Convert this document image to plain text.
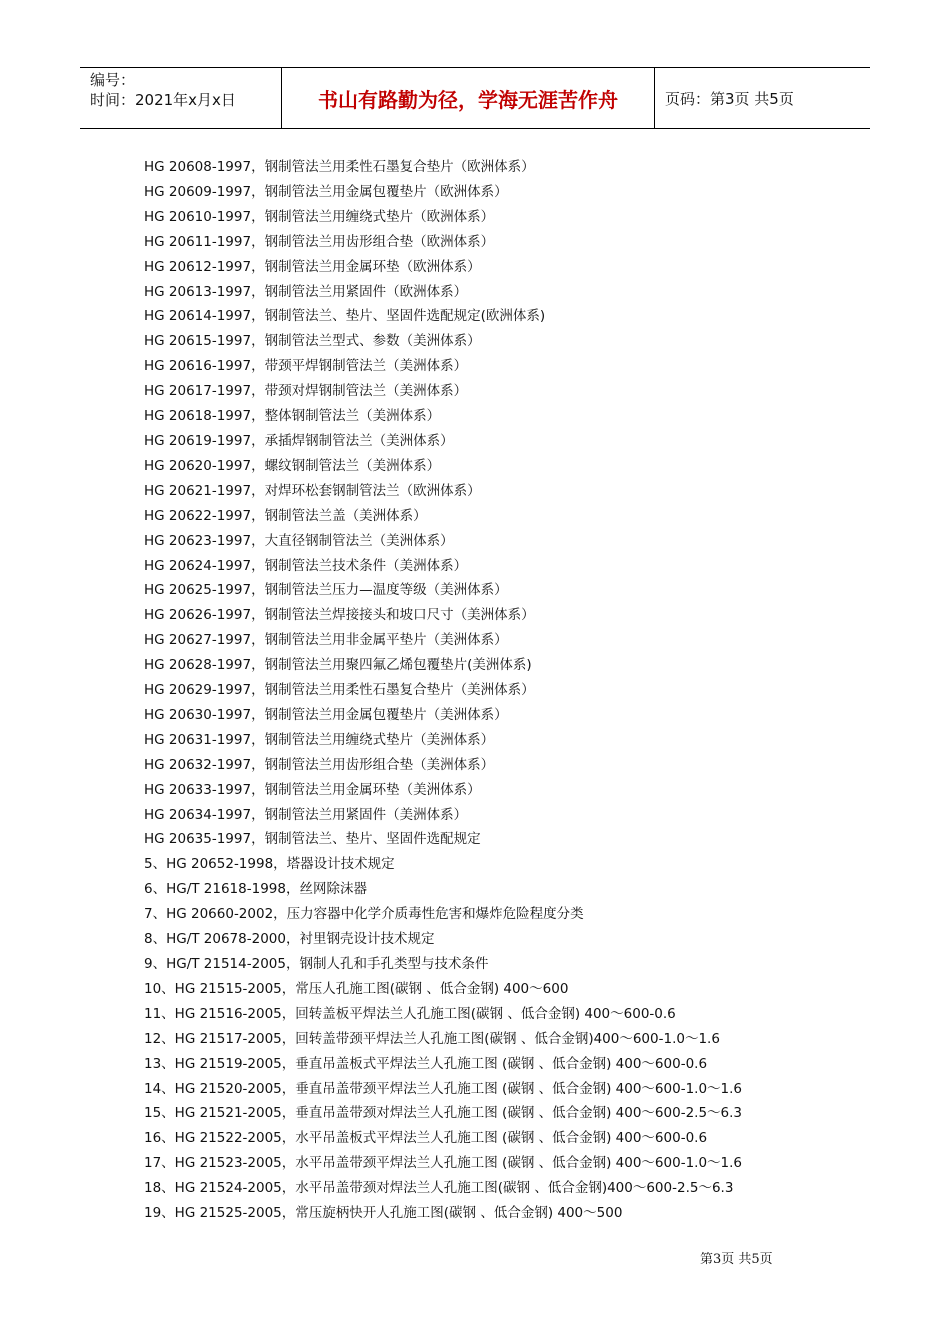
编号：
时间：2021年x月x日	书山有路勤为径，学海无涯苦作舟	页码：第3页 共5页
HG 20608-1997，钢制管法兰用柔性石墨复合垫片（欧洲体系）
HG 20609-1997，钢制管法兰用金属包覆垫片（欧洲体系）
HG 20610-1997，钢制管法兰用缠绕式垫片（欧洲体系）
HG 20611-1997，钢制管法兰用齿形组合垫（欧洲体系）
HG 20612-1997，钢制管法兰用金属环垫（欧洲体系）
HG 20613-1997，钢制管法兰用紧固件（欧洲体系）
HG 20614-1997，钢制管法兰、垫片、坚固件选配规定(欧洲体系)
HG 20615-1997，钢制管法兰型式、参数（美洲体系）
HG 20616-1997，带颈平焊钢制管法兰（美洲体系）
HG 20617-1997，带颈对焊钢制管法兰（美洲体系）
HG 20618-1997，整体钢制管法兰（美洲体系）
HG 20619-1997，承插焊钢制管法兰（美洲体系）
HG 20620-1997，螺纹钢制管法兰（美洲体系）
HG 20621-1997，对焊环松套钢制管法兰（欧洲体系）
HG 20622-1997，钢制管法兰盖（美洲体系）
HG 20623-1997，大直径钢制管法兰（美洲体系）
HG 20624-1997，钢制管法兰技术条件（美洲体系）
HG 20625-1997，钢制管法兰压力—温度等级（美洲体系）
HG 20626-1997，钢制管法兰焊接接头和坡口尺寸（美洲体系）
HG 20627-1997，钢制管法兰用非金属平垫片（美洲体系）
HG 20628-1997，钢制管法兰用聚四氟乙烯包覆垫片(美洲体系)
HG 20629-1997，钢制管法兰用柔性石墨复合垫片（美洲体系）
HG 20630-1997，钢制管法兰用金属包覆垫片（美洲体系）
HG 20631-1997，钢制管法兰用缠绕式垫片（美洲体系）
HG 20632-1997，钢制管法兰用齿形组合垫（美洲体系）
HG 20633-1997，钢制管法兰用金属环垫（美洲体系）
HG 20634-1997，钢制管法兰用紧固件（美洲体系）
HG 20635-1997，钢制管法兰、垫片、坚固件选配规定
5、HG 20652-1998，塔器设计技术规定
6、HG/T 21618-1998，丝网除沫器
7、HG 20660-2002，压力容器中化学介质毒性危害和爆炸危险程度分类
8、HG/T 20678-2000，衬里钢壳设计技术规定
9、HG/T 21514-2005，钢制人孔和手孔类型与技术条件
10、HG 21515-2005，常压人孔施工图(碳钢 、低合金钢) 400～600
11、HG 21516-2005，回转盖板平焊法兰人孔施工图(碳钢 、低合金钢) 400～600-0.6
12、HG 21517-2005，回转盖带颈平焊法兰人孔施工图(碳钢 、低合金钢)400～600-1.0～1.6
13、HG 21519-2005，垂直吊盖板式平焊法兰人孔施工图 (碳钢 、低合金钢) 400～600-0.6
14、HG 21520-2005，垂直吊盖带颈平焊法兰人孔施工图 (碳钢 、低合金钢) 400～600-1.0～1.6
15、HG 21521-2005，垂直吊盖带颈对焊法兰人孔施工图 (碳钢 、低合金钢) 400～600-2.5～6.3
16、HG 21522-2005，水平吊盖板式平焊法兰人孔施工图 (碳钢 、低合金钢) 400～600-0.6
17、HG 21523-2005，水平吊盖带颈平焊法兰人孔施工图 (碳钢 、低合金钢) 400～600-1.0～1.6
18、HG 21524-2005，水平吊盖带颈对焊法兰人孔施工图(碳钢 、低合金钢)400～600-2.5～6.3
19、HG 21525-2005，常压旋柄快开人孔施工图(碳钢 、低合金钢) 400～500
第3页 共5页
